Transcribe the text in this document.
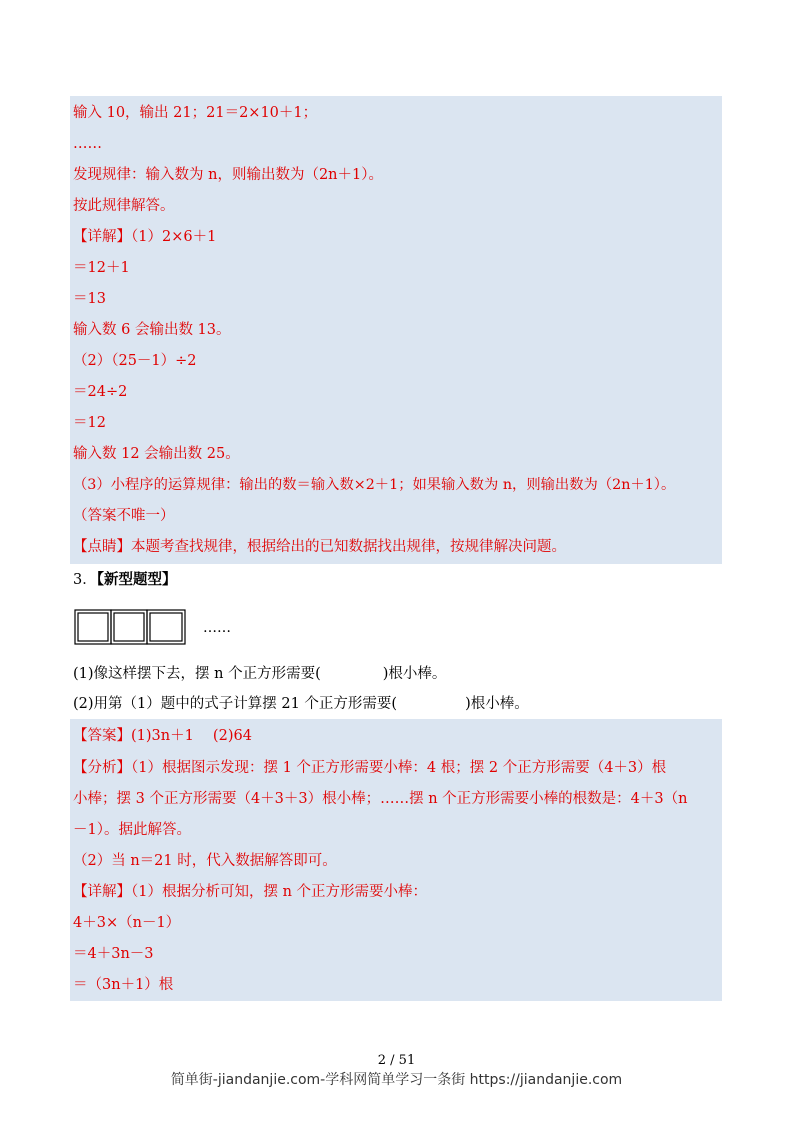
输入 10，输出 21；21＝2×10＋1；
……
发现规律：输入数为 n，则输出数为（2n＋1）。
按此规律解答。
【详解】（1）2×6＋1
＝12＋1
＝13
输入数 6 会输出数 13。
（2）（25－1）÷2
＝24÷2
＝12
输入数 12 会输出数 25。
（3）小程序的运算规律：输出的数＝输入数×2＋1；如果输入数为 n，则输出数为（2n＋1）。
（答案不唯一）
【点睛】本题考查找规律，根据给出的已知数据找出规律，按规律解决问题。
3．【新型题型】
……
(1)像这样摆下去，摆 n 个正方形需要(	)根小棒。
(2)用第（1）题中的式子计算摆 21 个正方形需要(	)根小棒。
【答案】(1)3n＋1　 (2)64
【分析】（1）根据图示发现：摆 1 个正方形需要小棒：4 根；摆 2 个正方形需要（4＋3）根
小棒；摆 3 个正方形需要（4＋3＋3）根小棒；……摆 n 个正方形需要小棒的根数是：4＋3（n
－1）。据此解答。
（2）当 n＝21 时，代入数据解答即可。
【详解】（1）根据分析可知，摆 n 个正方形需要小棒：
4＋3×（n－1）
＝4＋3n－3
＝（3n＋1）根
2 / 51
简单街-jiandanjie.com-学科网简单学习一条街 https://jiandanjie.com
